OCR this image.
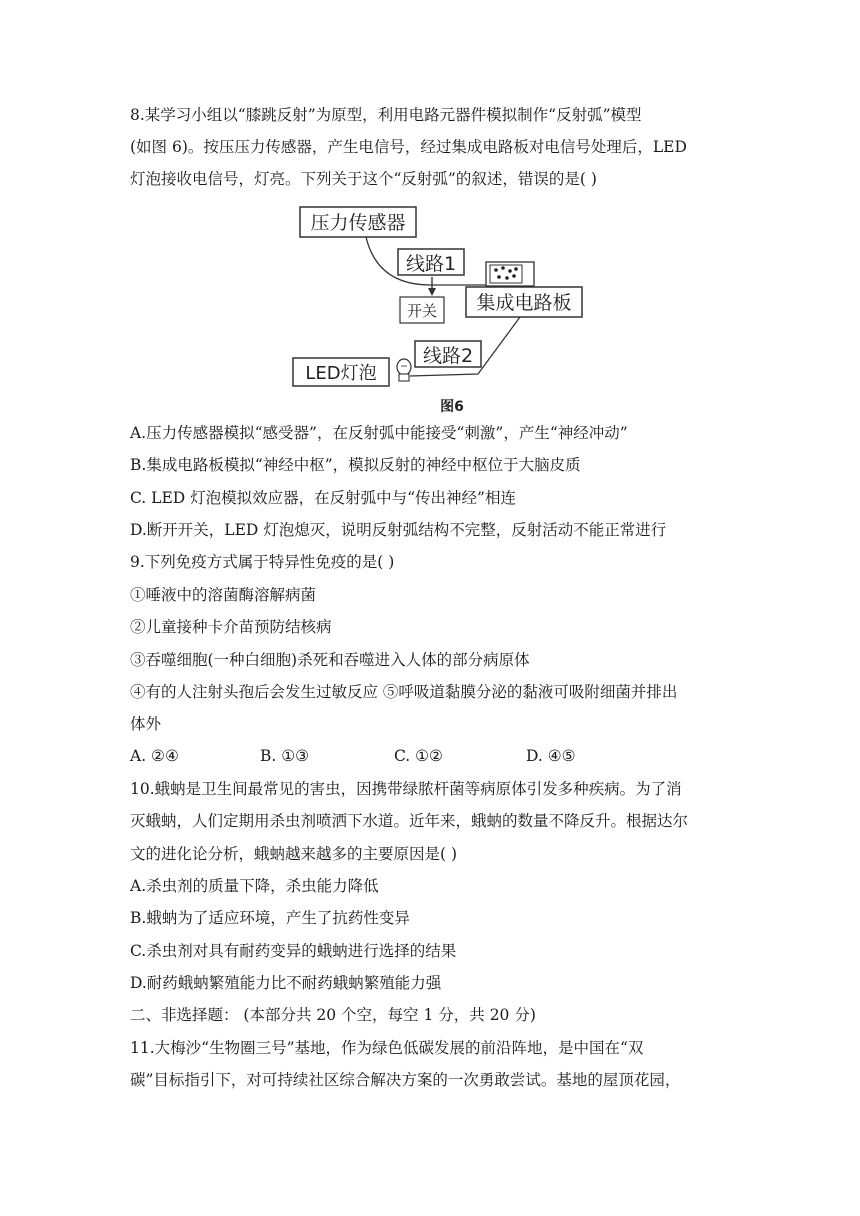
8.某学习小组以“膝跳反射”为原型，利用电路元器件模拟制作“反射弧”模型
(如图 6)。按压压力传感器，产生电信号，经过集成电路板对电信号处理后，LED
灯泡接收电信号，灯亮。下列关于这个“反射弧”的叙述，错误的是( )
压力传感器
线路1
开关 集成电路板
线路2
LED灯泡
图6
A.压力传感器模拟“感受器”，在反射弧中能接受“刺激”，产生“神经冲动”
B.集成电路板模拟“神经中枢”，模拟反射的神经中枢位于大脑皮质
C. LED 灯泡模拟效应器，在反射弧中与“传出神经”相连
D.断开开关，LED 灯泡熄灭，说明反射弧结构不完整，反射活动不能正常进行
9.下列免疫方式属于特异性免疫的是( )
①唾液中的溶菌酶溶解病菌
②儿童接种卡介苗预防结核病
③吞噬细胞(一种白细胞)杀死和吞噬进入人体的部分病原体
④有的人注射头孢后会发生过敏反应 ⑤呼吸道黏膜分泌的黏液可吸附细菌并排出
体外
A. ②④	B. ①③	C. ①②	D. ④⑤
10.蛾蚋是卫生间最常见的害虫，因携带绿脓杆菌等病原体引发多种疾病。为了消
灭蛾蚋，人们定期用杀虫剂喷洒下水道。近年来，蛾蚋的数量不降反升。根据达尔
文的进化论分析，蛾蚋越来越多的主要原因是( )
A.杀虫剂的质量下降，杀虫能力降低
B.蛾蚋为了适应环境，产生了抗药性变异
C.杀虫剂对具有耐药变异的蛾蚋进行选择的结果
D.耐药蛾蚋繁殖能力比不耐药蛾蚋繁殖能力强
二、非选择题： (本部分共 20 个空，每空 1 分，共 20 分)
11.大梅沙“生物圈三号”基地，作为绿色低碳发展的前沿阵地，是中国在“双
碳”目标指引下，对可持续社区综合解决方案的一次勇敢尝试。基地的屋顶花园，
